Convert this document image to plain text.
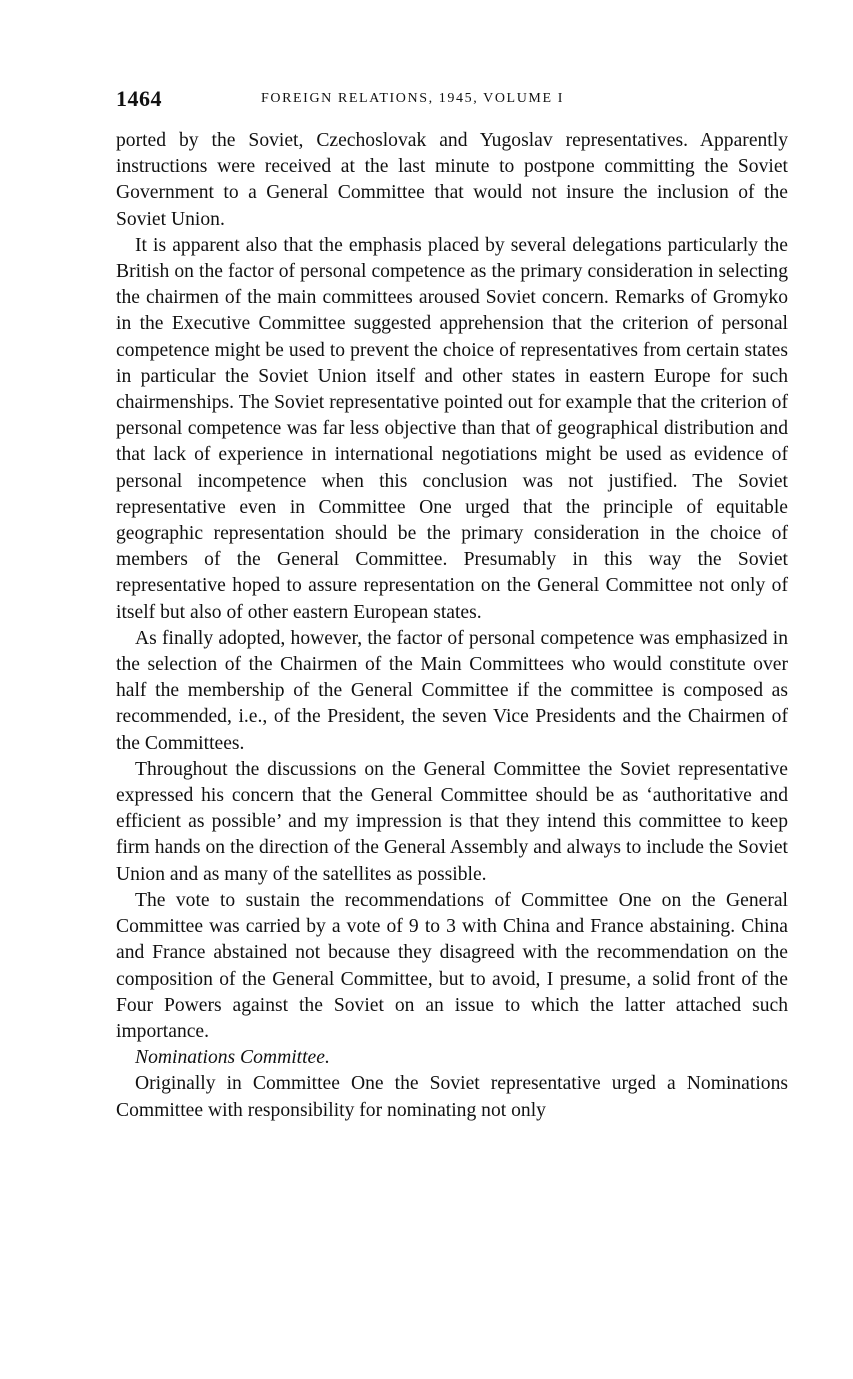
1464	FOREIGN RELATIONS, 1945, VOLUME I

ported by the Soviet, Czechoslovak and Yugoslav representatives. Apparently instructions were received at the last minute to postpone committing the Soviet Government to a General Committee that would not insure the inclusion of the Soviet Union.

It is apparent also that the emphasis placed by several delegations particularly the British on the factor of personal competence as the primary consideration in selecting the chairmen of the main committees aroused Soviet concern. Remarks of Gromyko in the Executive Committee suggested apprehension that the criterion of personal competence might be used to prevent the choice of representatives from certain states in particular the Soviet Union itself and other states in eastern Europe for such chairmenships. The Soviet representative pointed out for example that the criterion of personal competence was far less objective than that of geographical distribution and that lack of experience in international negotiations might be used as evidence of personal incompetence when this conclusion was not justified. The Soviet representative even in Committee One urged that the principle of equitable geographic representation should be the primary consideration in the choice of members of the General Committee. Presumably in this way the Soviet representative hoped to assure representation on the General Committee not only of itself but also of other eastern European states.

As finally adopted, however, the factor of personal competence was emphasized in the selection of the Chairmen of the Main Committees who would constitute over half the membership of the General Committee if the committee is composed as recommended, i.e., of the President, the seven Vice Presidents and the Chairmen of the Committees.

Throughout the discussions on the General Committee the Soviet representative expressed his concern that the General Committee should be as ‘authoritative and efficient as possible’ and my impression is that they intend this committee to keep firm hands on the direction of the General Assembly and always to include the Soviet Union and as many of the satellites as possible.

The vote to sustain the recommendations of Committee One on the General Committee was carried by a vote of 9 to 3 with China and France abstaining. China and France abstained not because they disagreed with the recommendation on the composition of the General Committee, but to avoid, I presume, a solid front of the Four Powers against the Soviet on an issue to which the latter attached such importance.

Nominations Committee.

Originally in Committee One the Soviet representative urged a Nominations Committee with responsibility for nominating not only
